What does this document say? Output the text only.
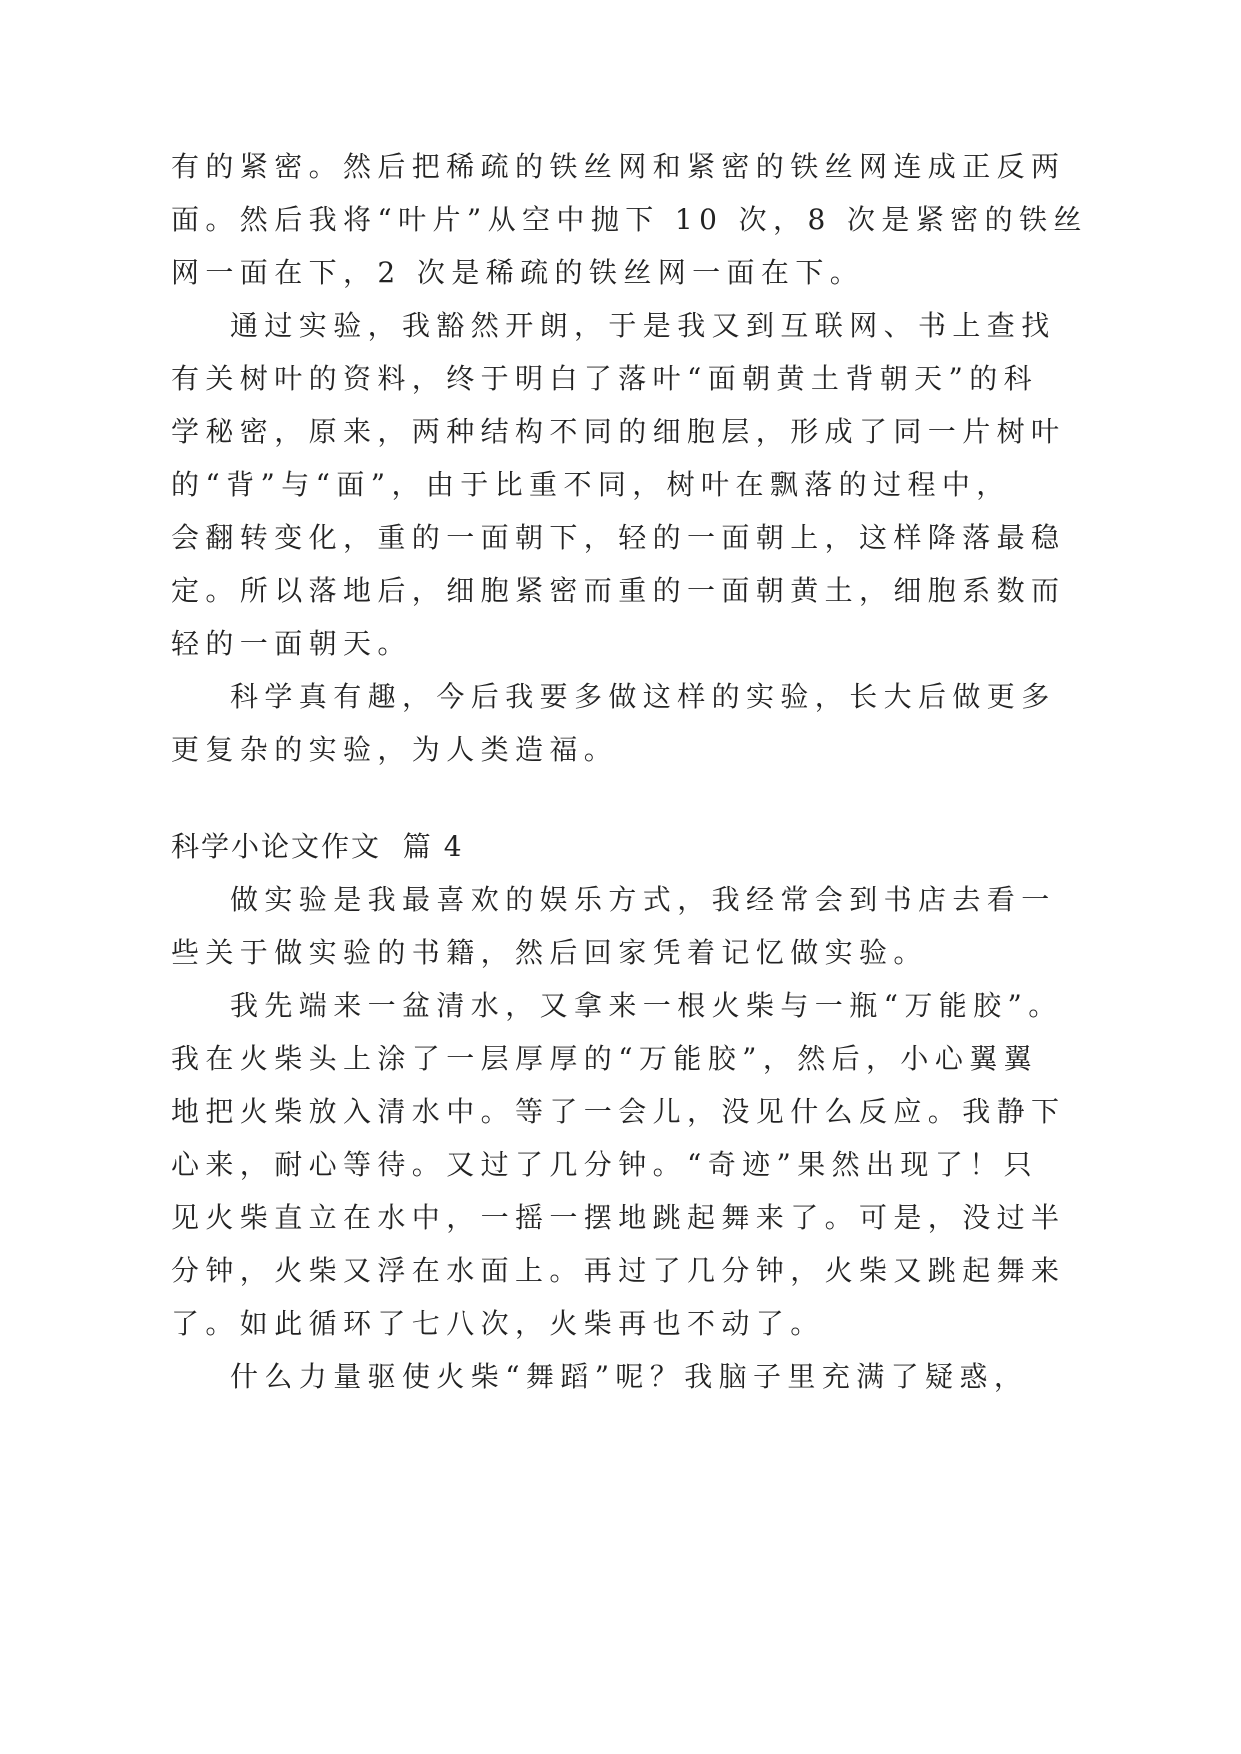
有的紧密。然后把稀疏的铁丝网和紧密的铁丝网连成正反两
面。然后我将“叶片”从空中抛下 10 次，8 次是紧密的铁丝
网一面在下，2 次是稀疏的铁丝网一面在下。
通过实验，我豁然开朗，于是我又到互联网、书上查找
有关树叶的资料，终于明白了落叶“面朝黄土背朝天”的科
学秘密，原来，两种结构不同的细胞层，形成了同一片树叶
的“背”与“面”，由于比重不同，树叶在飘落的过程中，
会翻转变化，重的一面朝下，轻的一面朝上，这样降落最稳
定。所以落地后，细胞紧密而重的一面朝黄土，细胞系数而
轻的一面朝天。
科学真有趣，今后我要多做这样的实验，长大后做更多
更复杂的实验，为人类造福。
科学小论文作文  篇 4
做实验是我最喜欢的娱乐方式，我经常会到书店去看一
些关于做实验的书籍，然后回家凭着记忆做实验。
我先端来一盆清水，又拿来一根火柴与一瓶“万能胶”。
我在火柴头上涂了一层厚厚的“万能胶”，然后，小心翼翼
地把火柴放入清水中。等了一会儿，没见什么反应。我静下
心来，耐心等待。又过了几分钟。“奇迹”果然出现了！只
见火柴直立在水中，一摇一摆地跳起舞来了。可是，没过半
分钟，火柴又浮在水面上。再过了几分钟，火柴又跳起舞来
了。如此循环了七八次，火柴再也不动了。
什么力量驱使火柴“舞蹈”呢？我脑子里充满了疑惑，
